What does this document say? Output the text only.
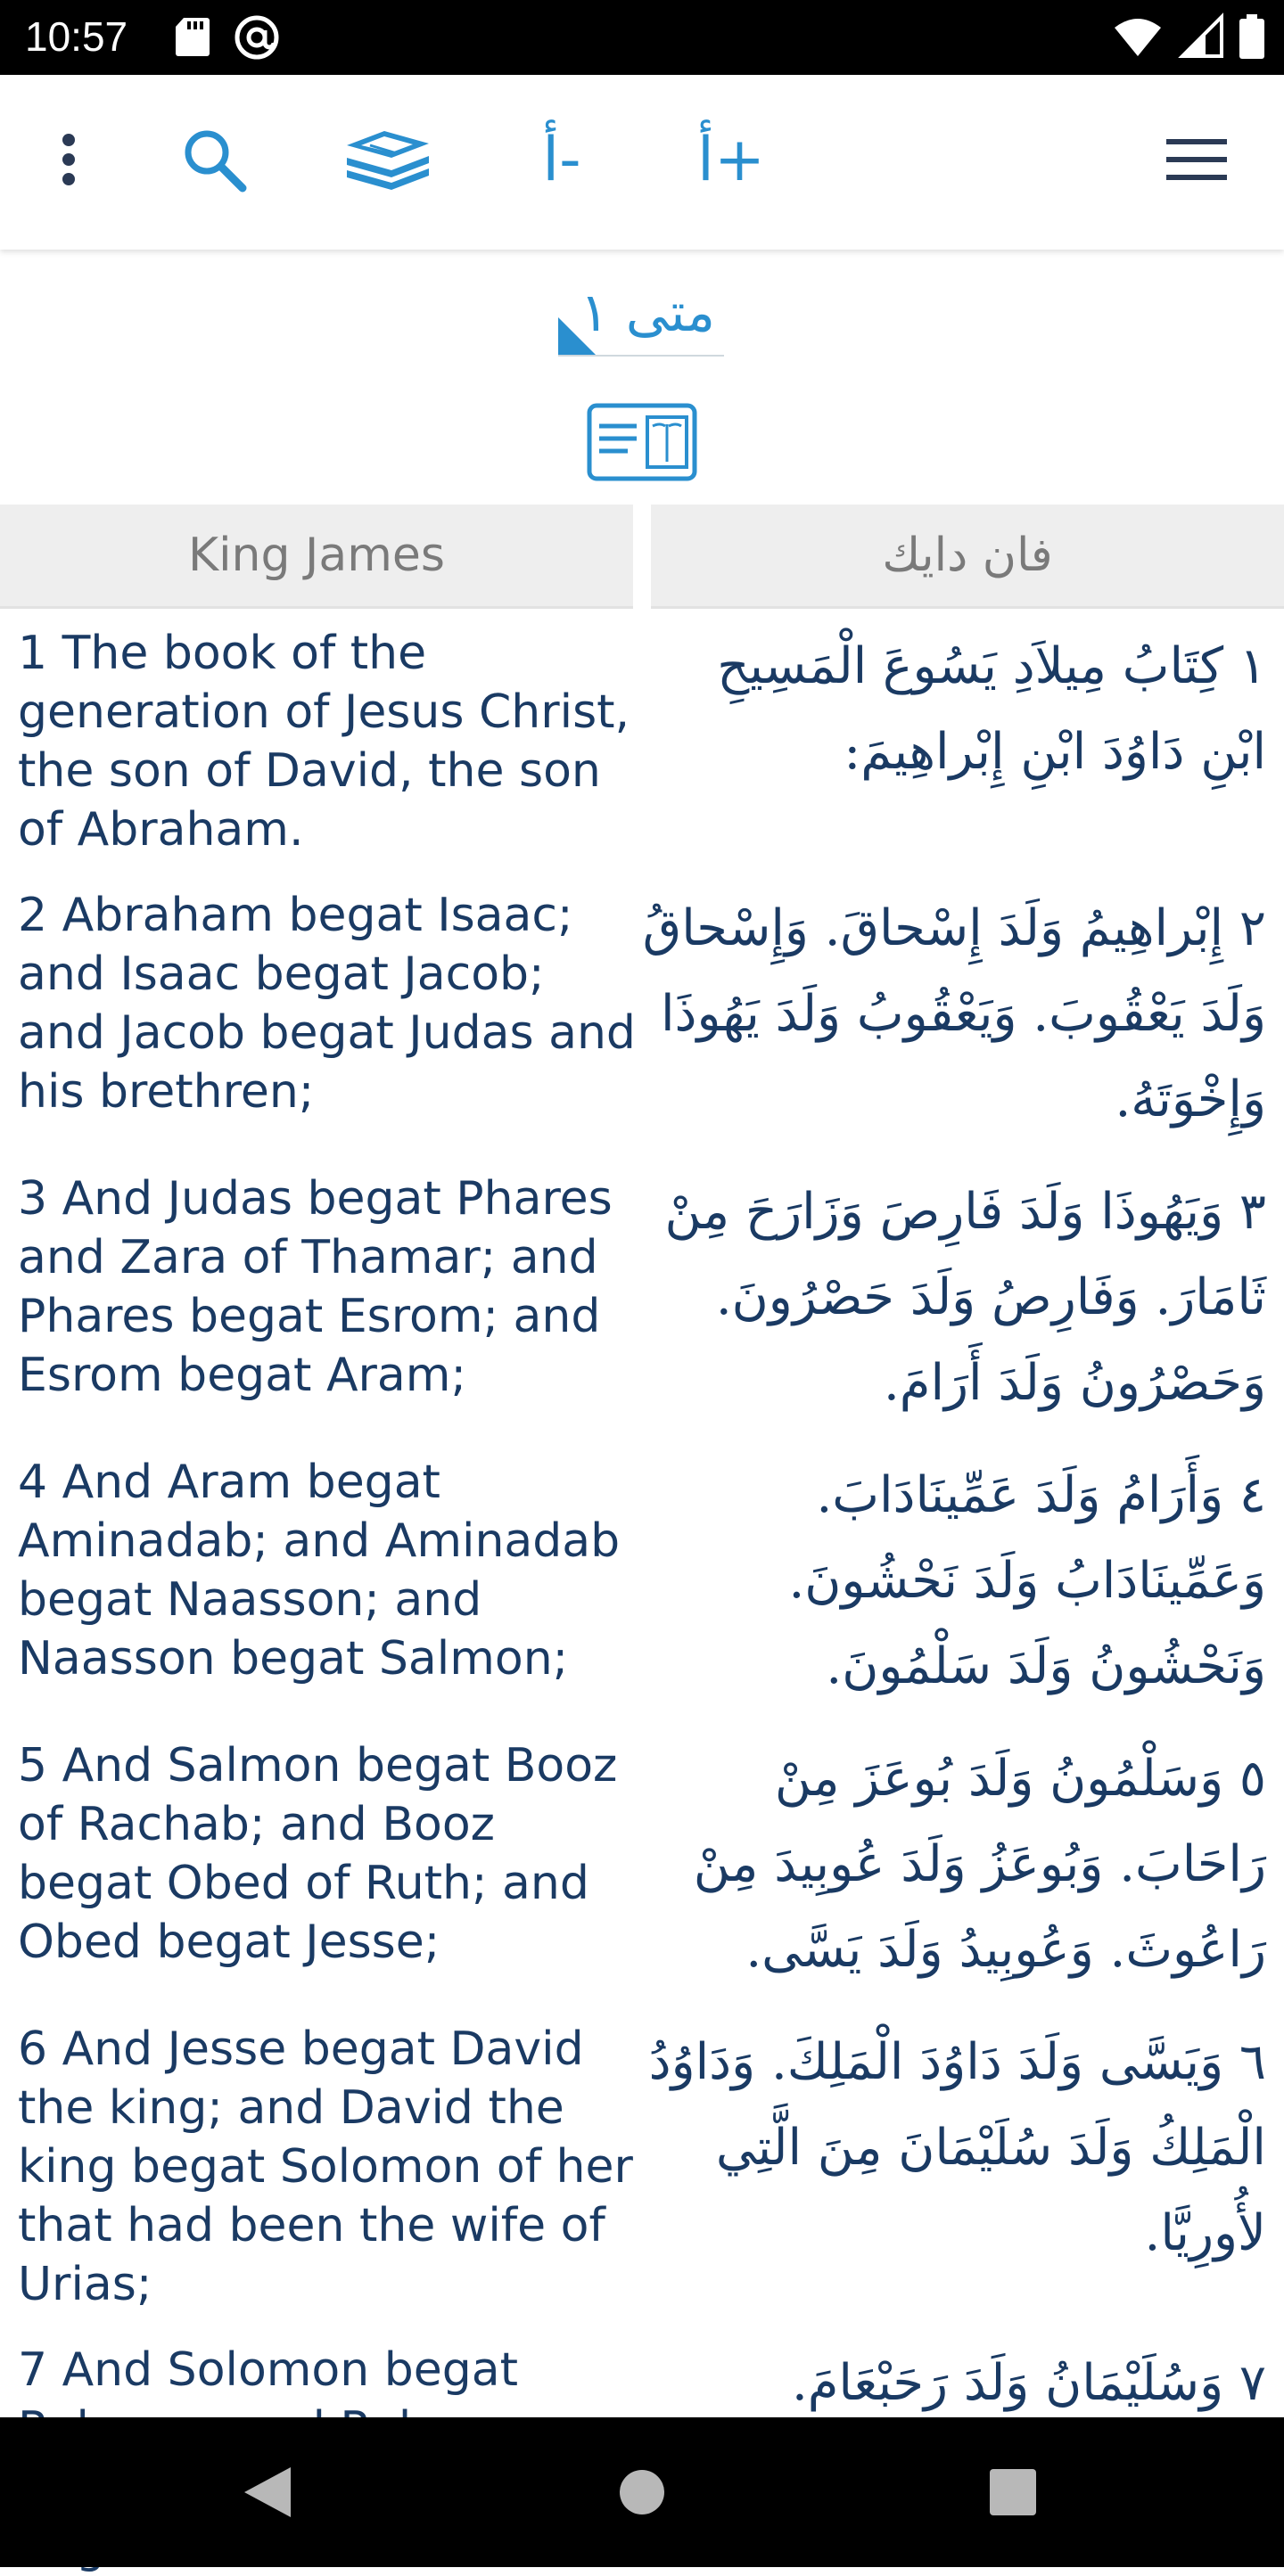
10:57
أ- أ+
متى ١
King James	فان دايك
1 The book of the generation of Jesus Christ, the son of David, the son of Abraham.
١ كِتَابُ مِيلاَدِ يَسُوعَ الْمَسِيحِ ابْنِ دَاوُدَ ابْنِ إِبْراهِيمَ:
2 Abraham begat Isaac; and Isaac begat Jacob; and Jacob begat Judas and his brethren;
٢ إِبْراهِيمُ وَلَدَ إِسْحاقَ. وَإِسْحاقُ وَلَدَ يَعْقُوبَ. وَيَعْقُوبُ وَلَدَ يَهُوذَا وَإِخْوَتَهُ.
3 And Judas begat Phares and Zara of Thamar; and Phares begat Esrom; and Esrom begat Aram;
٣ وَيَهُوذَا وَلَدَ فَارِصَ وَزَارَحَ مِنْ ثَامَارَ. وَفَارِصُ وَلَدَ حَصْرُونَ. وَحَصْرُونُ وَلَدَ أَرَامَ.
4 And Aram begat Aminadab; and Aminadab begat Naasson; and Naasson begat Salmon;
٤ وَأَرَامُ وَلَدَ عَمِّينَادَابَ. وَعَمِّينَادَابُ وَلَدَ نَحْشُونَ. وَنَحْشُونُ وَلَدَ سَلْمُونَ.
5 And Salmon begat Booz of Rachab; and Booz begat Obed of Ruth; and Obed begat Jesse;
٥ وَسَلْمُونُ وَلَدَ بُوعَزَ مِنْ رَاحَابَ. وَبُوعَزُ وَلَدَ عُوبِيدَ مِنْ رَاعُوثَ. وَعُوبِيدُ وَلَدَ يَسَّى.
6 And Jesse begat David the king; and David the king begat Solomon of her that had been the wife of Urias;
٦ وَيَسَّى وَلَدَ دَاوُدَ الْمَلِكَ. وَدَاوُدُ الْمَلِكُ وَلَدَ سُلَيْمَانَ مِنَ الَّتِي لأُورِيَّا.
7 And Solomon begat	٧ وَسُلَيْمَانُ وَلَدَ رَحَبْعَامَ.
